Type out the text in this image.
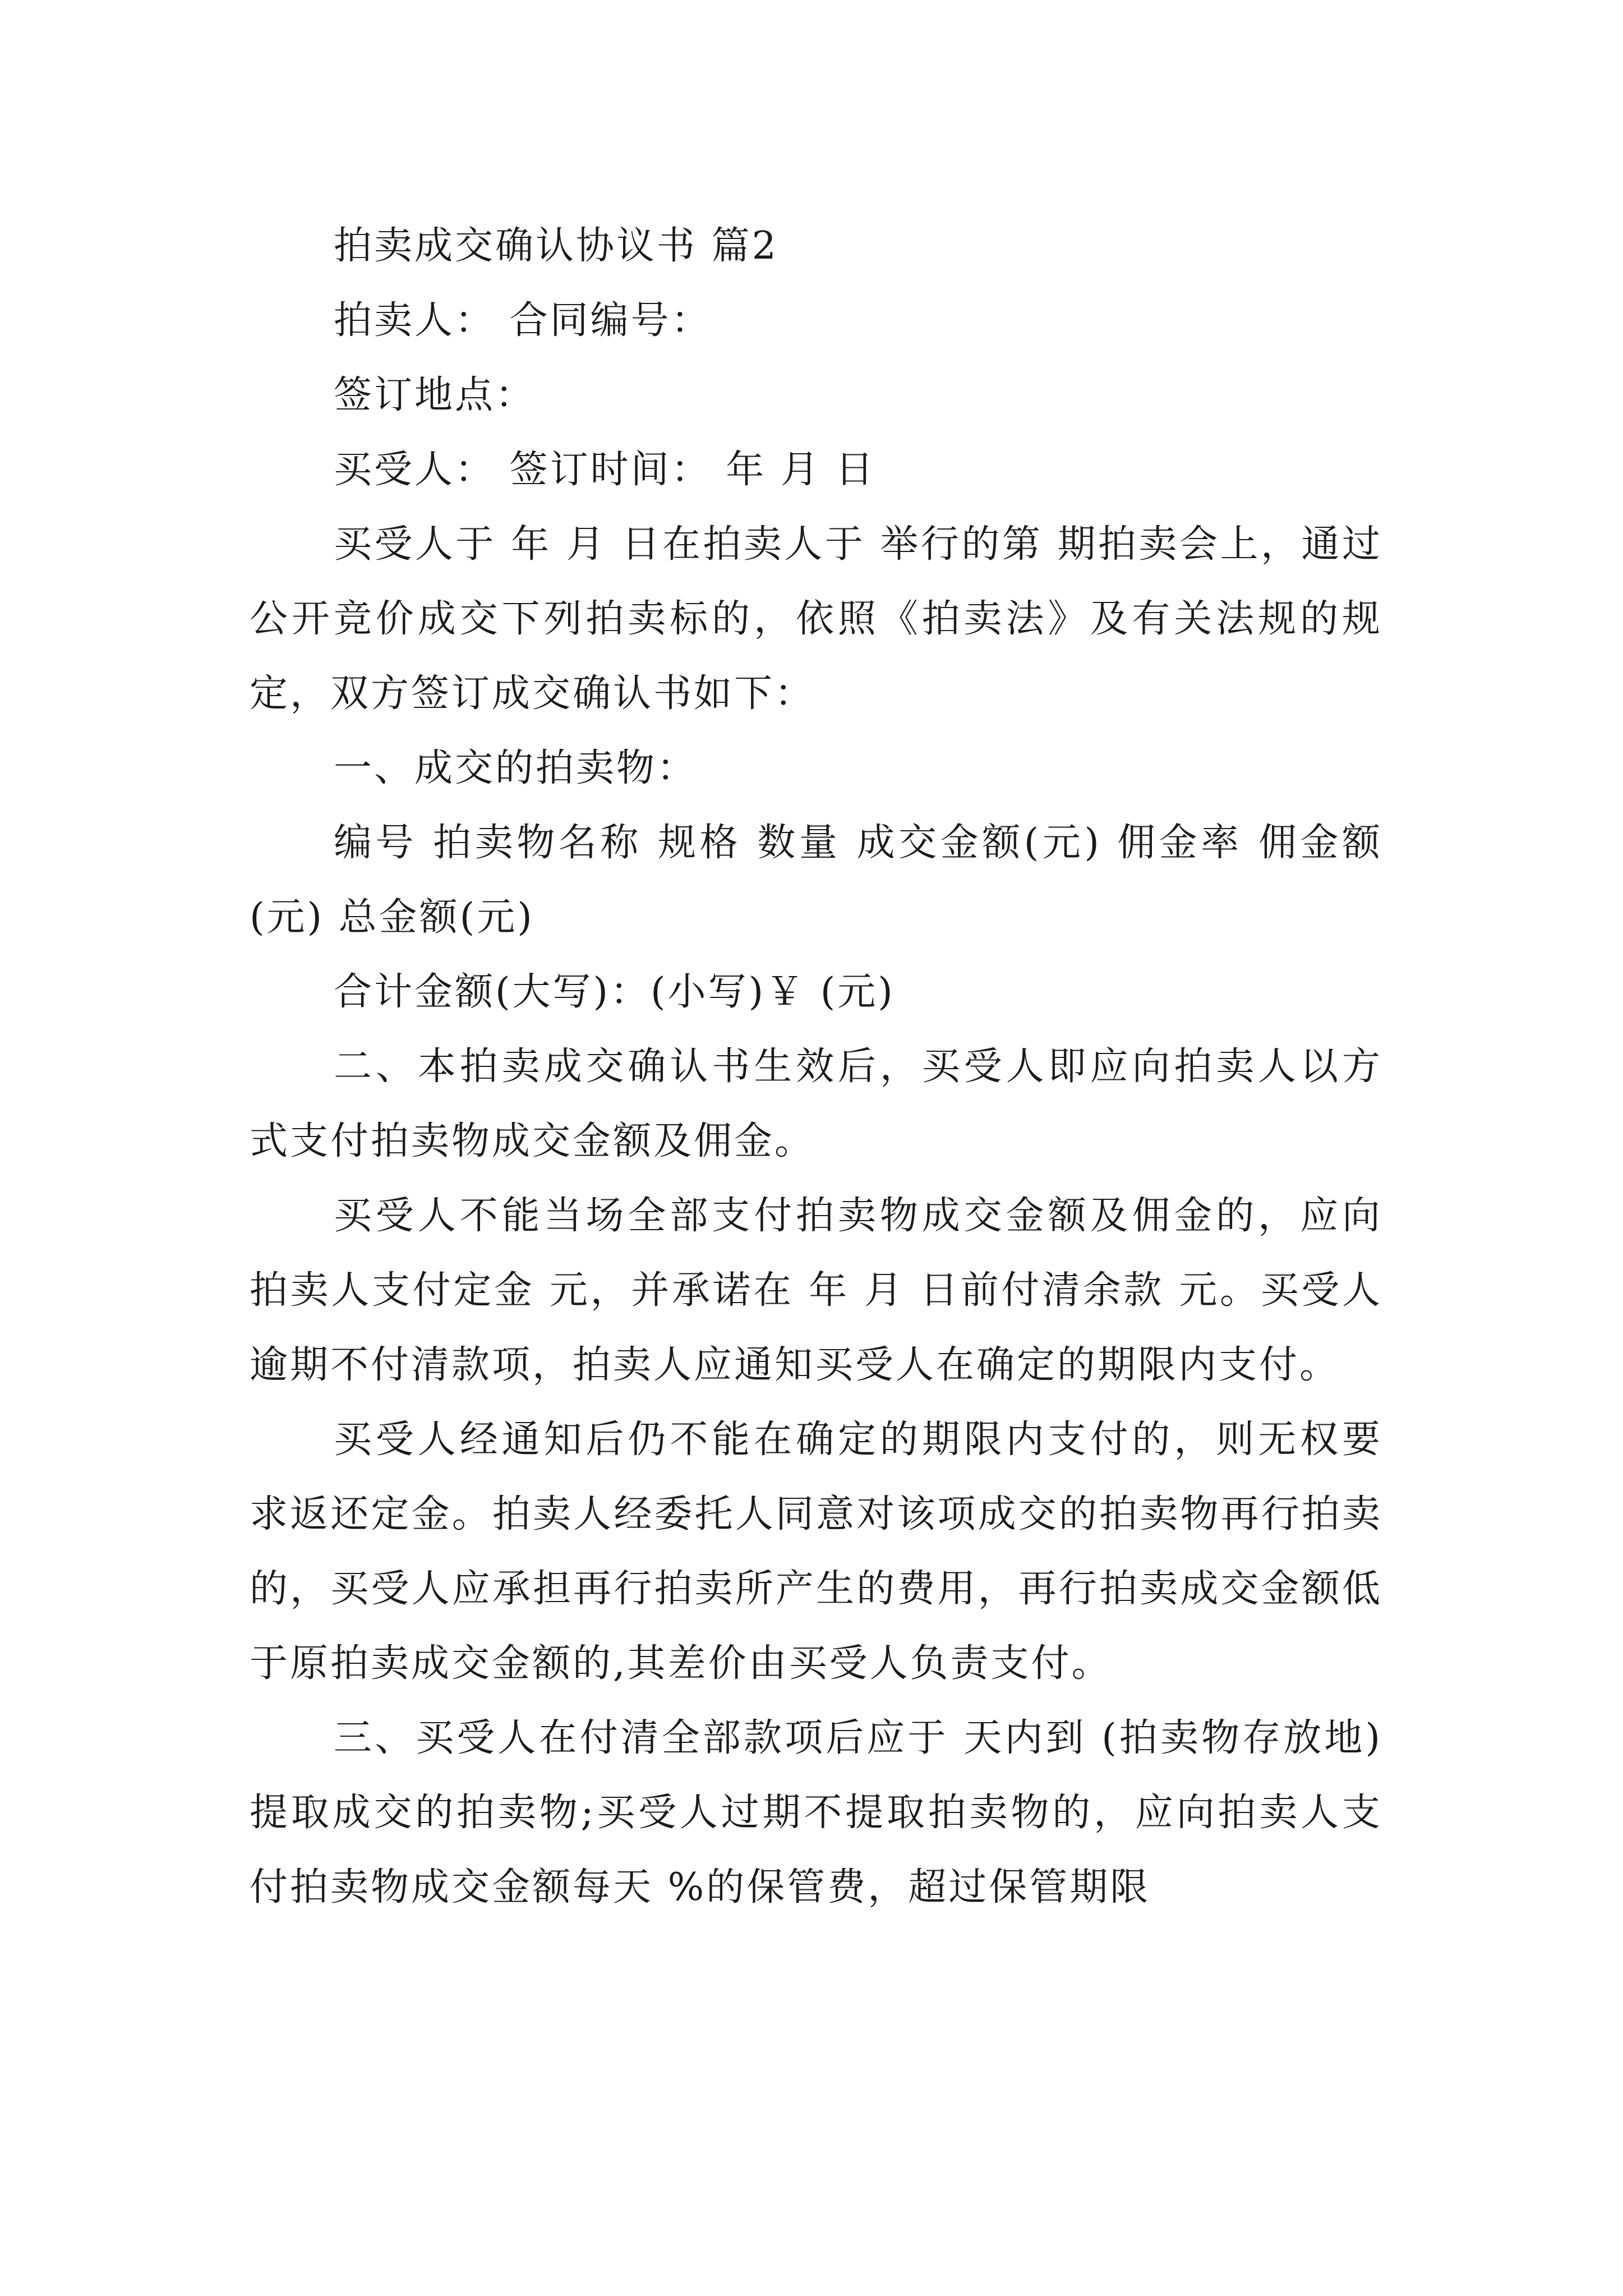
拍卖成交确认协议书 篇2

拍卖人： 合同编号：

签订地点：

买受人： 签订时间： 年 月 日

买受人于 年 月 日在拍卖人于 举行的第 期拍卖会上，通过公开竞价成交下列拍卖标的，依照《拍卖法》及有关法规的规定，双方签订成交确认书如下：

一、成交的拍卖物：

编号 拍卖物名称 规格 数量 成交金额(元) 佣金率 佣金额(元) 总金额(元)

合计金额(大写)：(小写)￥ (元)

二、本拍卖成交确认书生效后，买受人即应向拍卖人以方式支付拍卖物成交金额及佣金。

买受人不能当场全部支付拍卖物成交金额及佣金的，应向拍卖人支付定金 元，并承诺在 年 月 日前付清余款 元。买受人逾期不付清款项，拍卖人应通知买受人在确定的期限内支付。

买受人经通知后仍不能在确定的期限内支付的，则无权要求返还定金。拍卖人经委托人同意对该项成交的拍卖物再行拍卖的，买受人应承担再行拍卖所产生的费用，再行拍卖成交金额低于原拍卖成交金额的,其差价由买受人负责支付。

三、买受人在付清全部款项后应于 天内到 (拍卖物存放地)提取成交的拍卖物;买受人过期不提取拍卖物的，应向拍卖人支付拍卖物成交金额每天 %的保管费，超过保管期限
